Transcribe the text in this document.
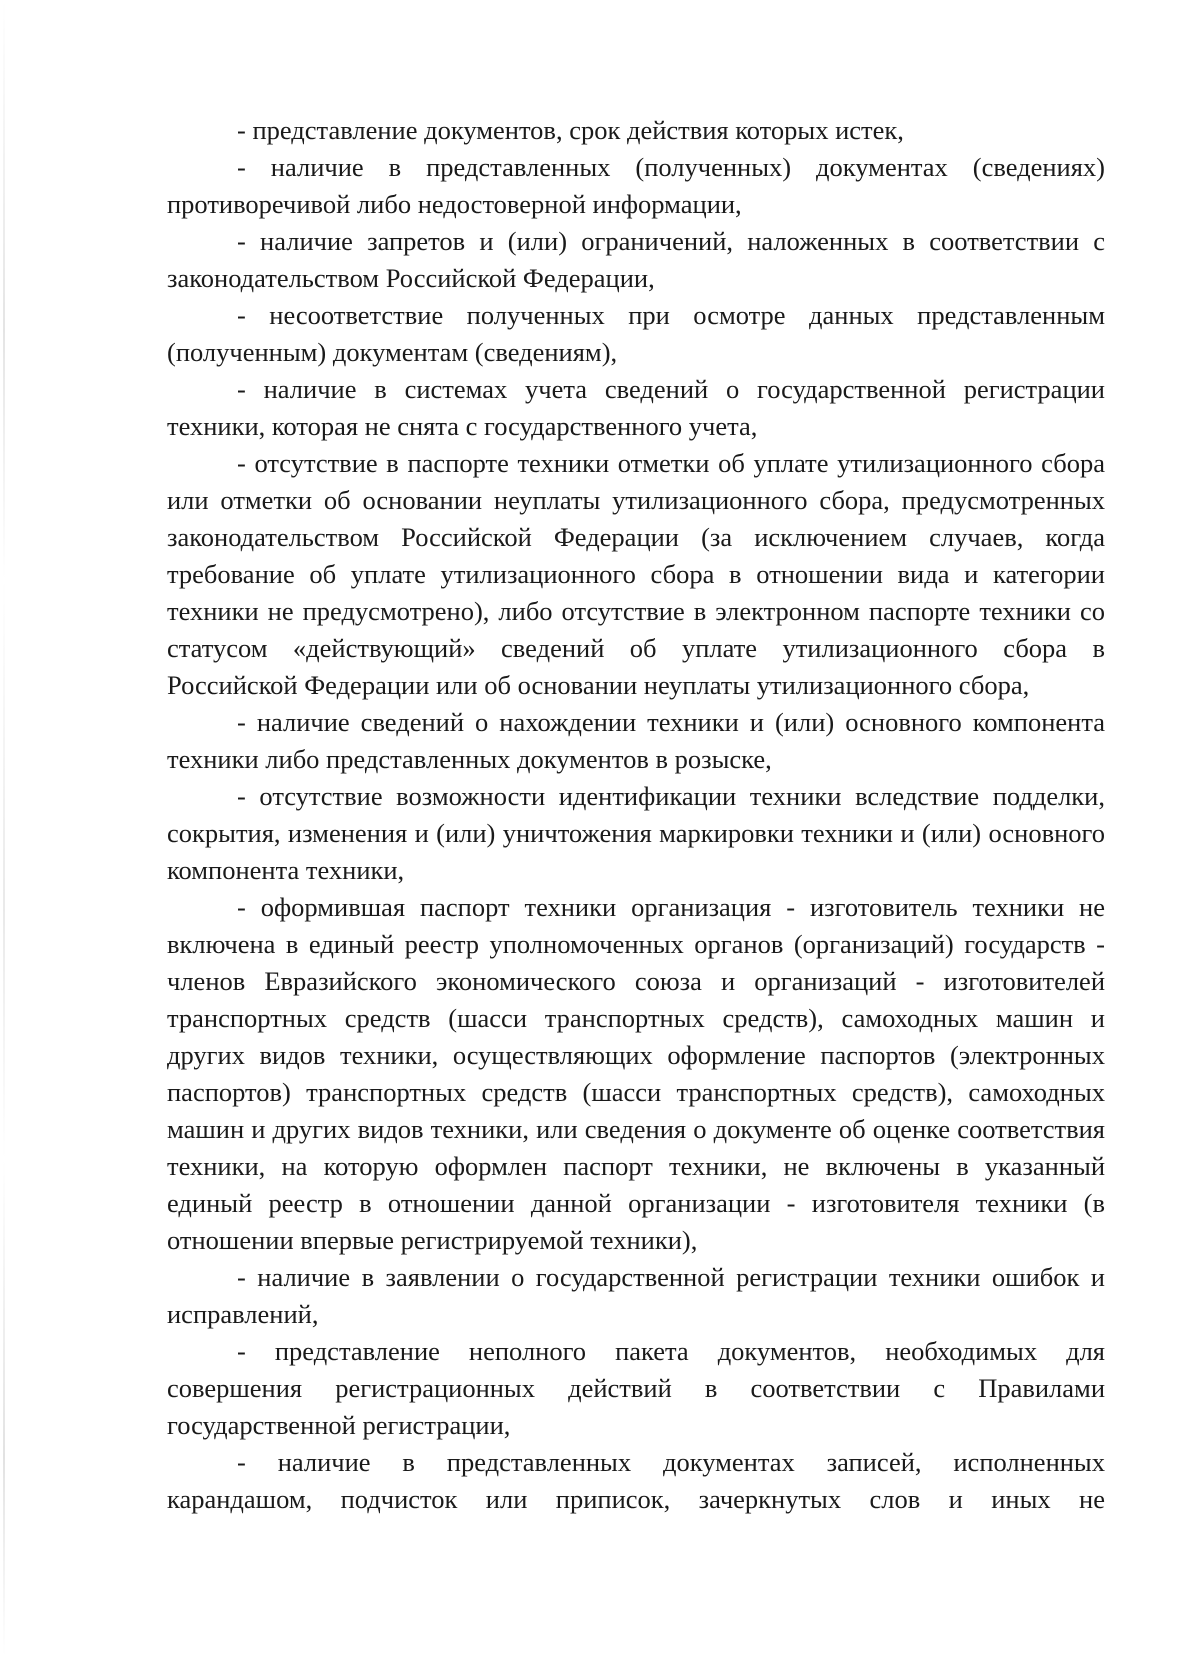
- представление документов, срок действия которых истек,

- наличие в представленных (полученных) документах (сведениях) противоречивой либо недостоверной информации,

- наличие запретов и (или) ограничений, наложенных в соответствии с законодательством Российской Федерации,

- несоответствие полученных при осмотре данных представленным (полученным) документам (сведениям),

- наличие в системах учета сведений о государственной регистрации техники, которая не снята с государственного учета,

- отсутствие в паспорте техники отметки об уплате утилизационного сбора или отметки об основании неуплаты утилизационного сбора, предусмотренных законодательством Российской Федерации (за исключением случаев, когда требование об уплате утилизационного сбора в отношении вида и категории техники не предусмотрено), либо отсутствие в электронном паспорте техники со статусом «действующий» сведений об уплате утилизационного сбора в Российской Федерации или об основании неуплаты утилизационного сбора,

- наличие сведений о нахождении техники и (или) основного компонента техники либо представленных документов в розыске,

- отсутствие возможности идентификации техники вследствие подделки, сокрытия, изменения и (или) уничтожения маркировки техники и (или) основного компонента техники,

- оформившая паспорт техники организация - изготовитель техники не включена в единый реестр уполномоченных органов (организаций) государств - членов Евразийского экономического союза и организаций - изготовителей транспортных средств (шасси транспортных средств), самоходных машин и других видов техники, осуществляющих оформление паспортов (электронных паспортов) транспортных средств (шасси транспортных средств), самоходных машин и других видов техники, или сведения о документе об оценке соответствия техники, на которую оформлен паспорт техники, не включены в указанный единый реестр в отношении данной организации - изготовителя техники (в отношении впервые регистрируемой техники),

- наличие в заявлении о государственной регистрации техники ошибок и исправлений,

- представление неполного пакета документов, необходимых для совершения регистрационных действий в соответствии с Правилами государственной регистрации,

- наличие в представленных документах записей, исполненных карандашом, подчисток или приписок, зачеркнутых слов и иных не
